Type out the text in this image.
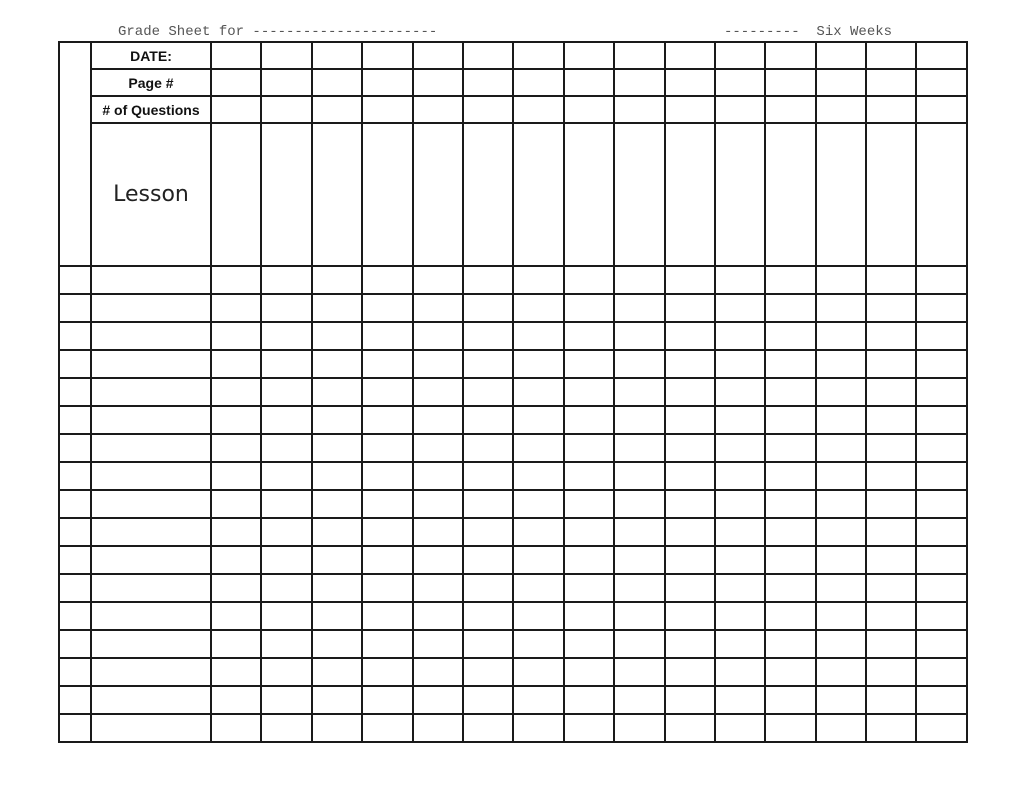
Grade Sheet for ----------------------	---------  Six Weeks
	DATE:															
	Page #															
	# of Questions															
	Lesson															
